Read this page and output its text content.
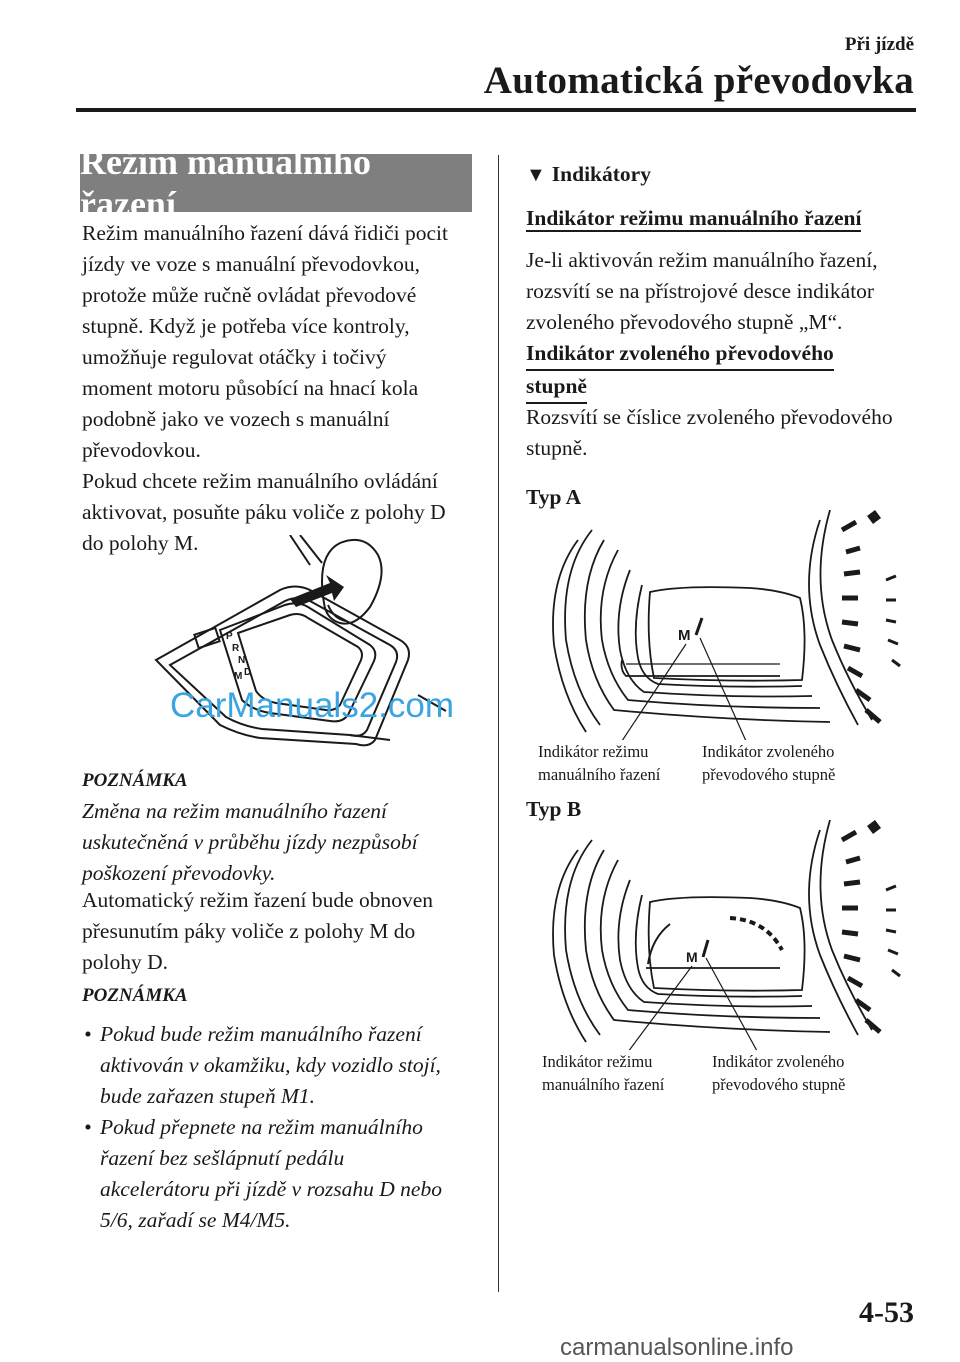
Při jízdě
Automatická převodovka
Režim manuálního řazení
Režim manuálního řazení dává řidiči pocit
jízdy ve voze s manuální převodovkou,
protože může ručně ovládat převodové
stupně. Když je potřeba více kontroly,
umožňuje regulovat otáčky i točivý
moment motoru působící na hnací kola
podobně jako ve vozech s manuální
převodovkou.
Pokud chcete režim manuálního ovládání
aktivovat, posuňte páku voliče z polohy D
do polohy M.
P
R
N
D
M
CarManuals2.com
POZNÁMKA
Změna na režim manuálního řazení
uskutečněná v průběhu jízdy nezpůsobí
poškození převodovky.
Automatický režim řazení bude obnoven
přesunutím páky voliče z polohy M do
polohy D.
POZNÁMKA
• Pokud bude režim manuálního řazení
aktivován v okamžiku, kdy vozidlo stojí,
bude zařazen stupeň M1.
• Pokud přepnete na režim manuálního
řazení bez sešlápnutí pedálu
akcelerátoru při jízdě v rozsahu D nebo
5/6, zařadí se M4/M5.
▼ Indikátory
Indikátor režimu manuálního řazení
Je-li aktivován režim manuálního řazení,
rozsvítí se na přístrojové desce indikátor
zvoleného převodového stupně „M“.
Indikátor zvoleného převodového
stupně
Rozsvítí se číslice zvoleného převodového
stupně.
Typ A
M
Indikátor režimu
manuálního řazení
Indikátor zvoleného
převodového stupně
Typ B
M
Indikátor režimu
manuálního řazení
Indikátor zvoleného
převodového stupně
4-53
carmanualsonline.info
